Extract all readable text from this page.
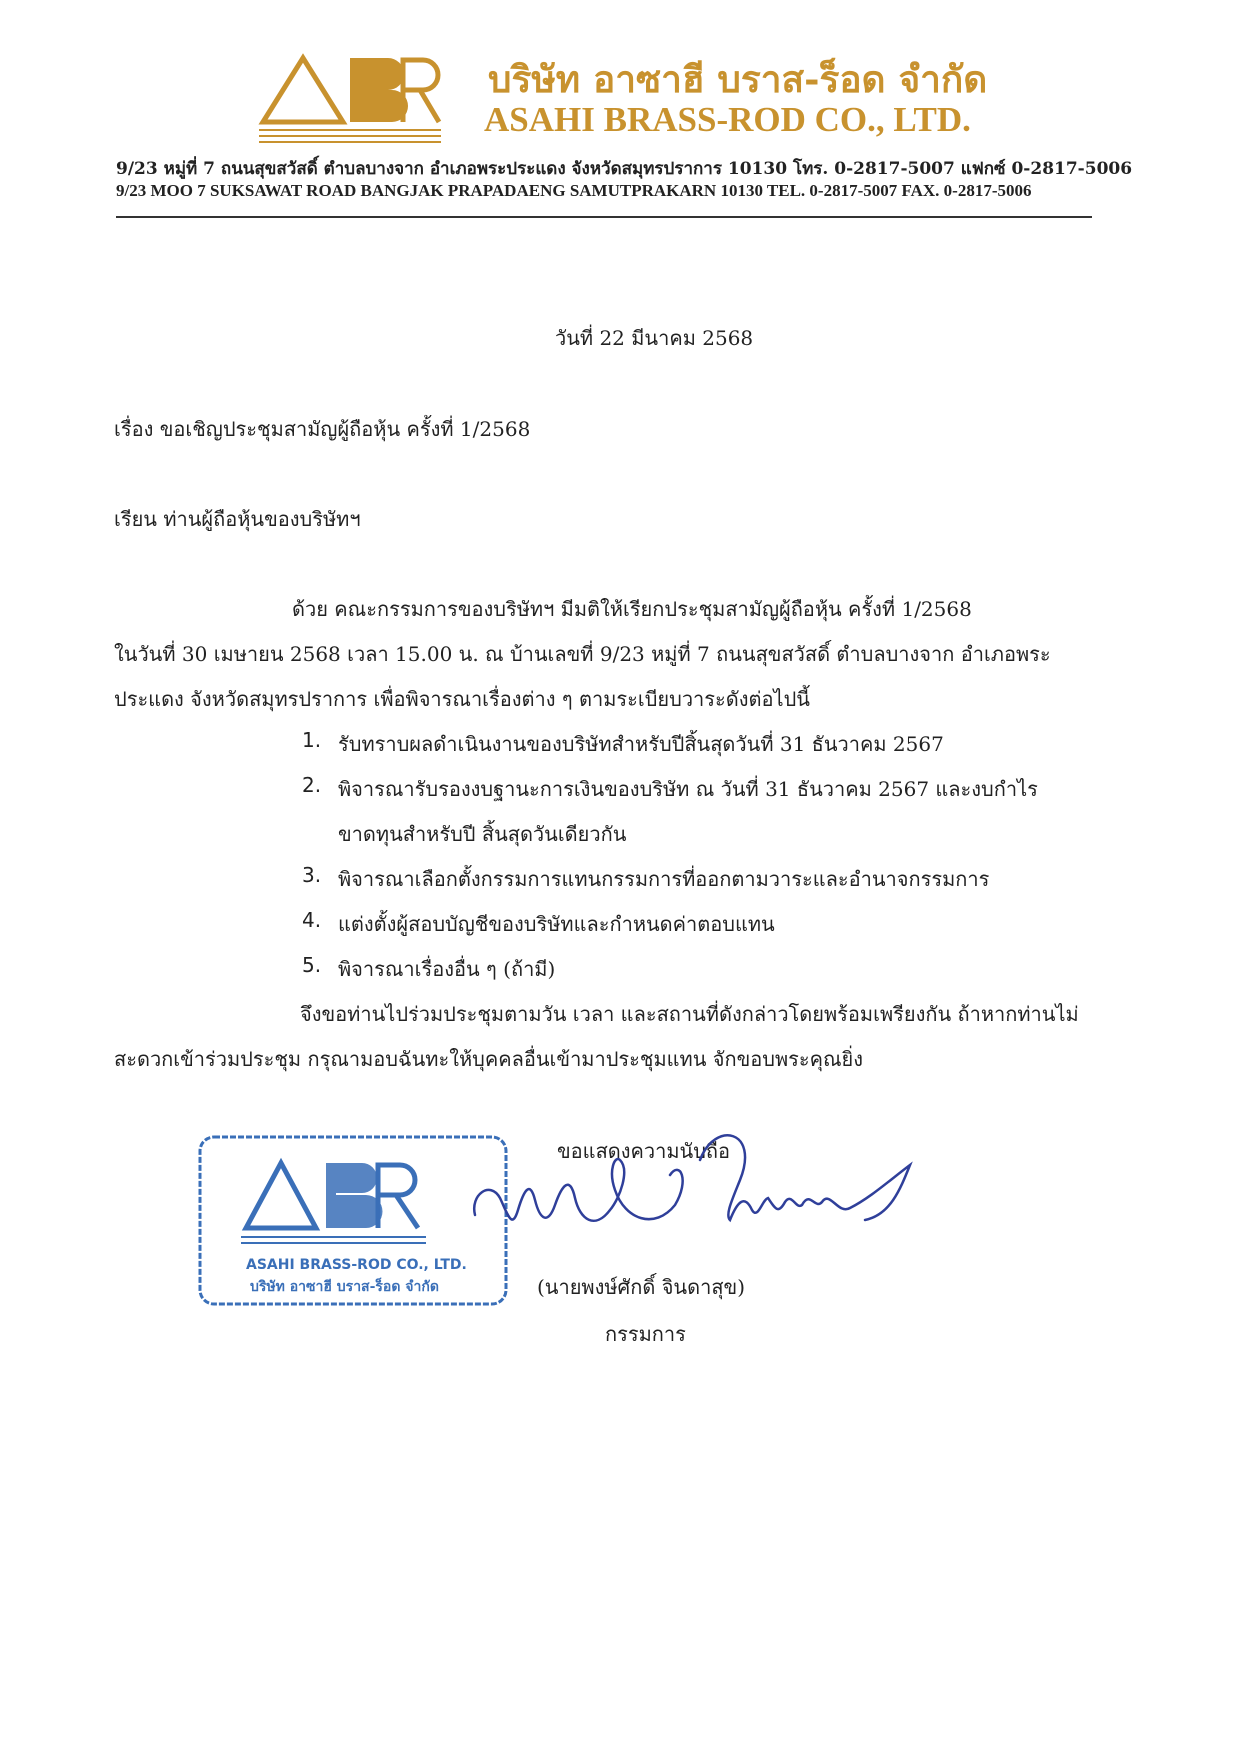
บริษัท อาซาฮี บราส-ร็อด จำกัด
ASAHI BRASS-ROD CO., LTD.
9/23 หมู่ที่ 7 ถนนสุขสวัสดิ์ ตำบลบางจาก อำเภอพระประแดง จังหวัดสมุทรปราการ 10130 โทร. 0-2817-5007 แฟกซ์ 0-2817-5006
9/23 MOO 7 SUKSAWAT ROAD BANGJAK PRAPADAENG SAMUTPRAKARN 10130 TEL. 0-2817-5007 FAX. 0-2817-5006
วันที่ 22 มีนาคม 2568
เรื่อง ขอเชิญประชุมสามัญผู้ถือหุ้น ครั้งที่ 1/2568
เรียน ท่านผู้ถือหุ้นของบริษัทฯ
ด้วย คณะกรรมการของบริษัทฯ มีมติให้เรียกประชุมสามัญผู้ถือหุ้น ครั้งที่ 1/2568
ในวันที่ 30 เมษายน 2568 เวลา 15.00 น. ณ บ้านเลขที่ 9/23 หมู่ที่ 7 ถนนสุขสวัสดิ์ ตำบลบางจาก อำเภอพระ
ประแดง จังหวัดสมุทรปราการ เพื่อพิจารณาเรื่องต่าง ๆ ตามระเบียบวาระดังต่อไปนี้
1. รับทราบผลดำเนินงานของบริษัทสำหรับปีสิ้นสุดวันที่ 31 ธันวาคม 2567
2. พิจารณารับรองงบฐานะการเงินของบริษัท ณ วันที่ 31 ธันวาคม 2567 และงบกำไร
ขาดทุนสำหรับปี สิ้นสุดวันเดียวกัน
3. พิจารณาเลือกตั้งกรรมการแทนกรรมการที่ออกตามวาระและอำนาจกรรมการ
4. แต่งตั้งผู้สอบบัญชีของบริษัทและกำหนดค่าตอบแทน
5. พิจารณาเรื่องอื่น ๆ (ถ้ามี)
จึงขอท่านไปร่วมประชุมตามวัน เวลา และสถานที่ดังกล่าวโดยพร้อมเพรียงกัน ถ้าหากท่านไม่
สะดวกเข้าร่วมประชุม กรุณามอบฉันทะให้บุคคลอื่นเข้ามาประชุมแทน จักขอบพระคุณยิ่ง
ASAHI BRASS-ROD CO., LTD.
บริษัท อาซาฮี บราส-ร็อด จำกัด
ขอแสดงความนับถือ
(นายพงษ์ศักดิ์ จินดาสุข)
กรรมการ
